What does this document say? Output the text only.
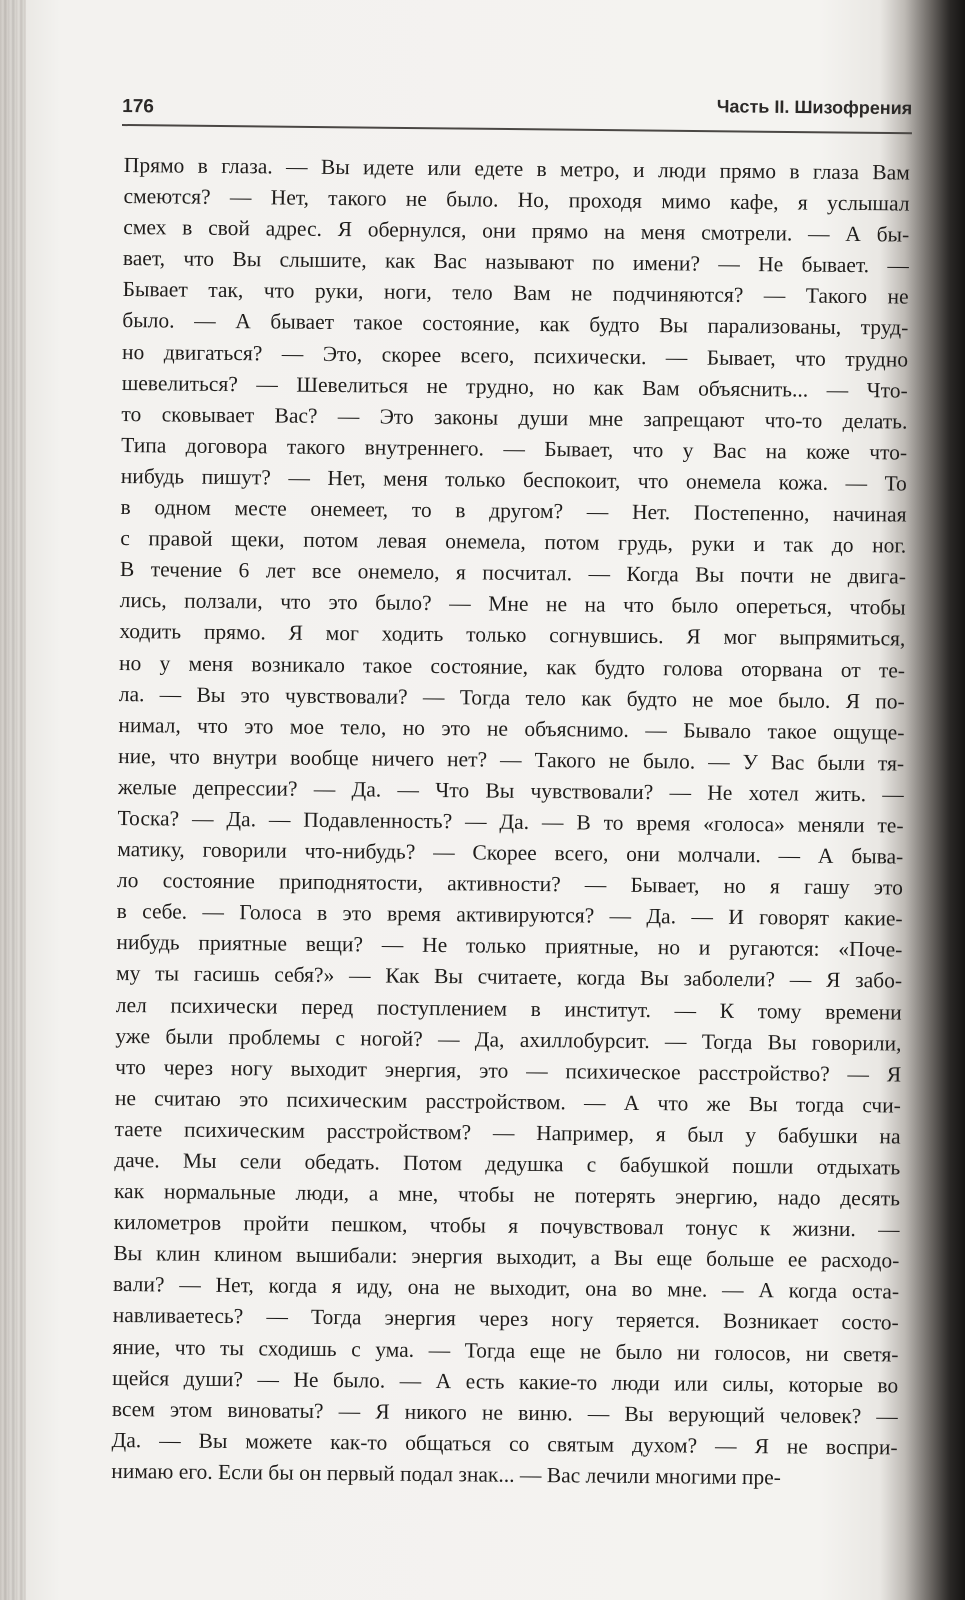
176	Часть II. Шизофрения
Прямо в глаза. — Вы идете или едете в метро, и люди прямо в глаза Вам
смеются? — Нет, такого не было. Но, проходя мимо кафе, я услышал
смех в свой адрес. Я обернулся, они прямо на меня смотрели. — А бы-
вает, что Вы слышите, как Вас называют по имени? — Не бывает. —
Бывает так, что руки, ноги, тело Вам не подчиняются? — Такого не
было. — А бывает такое состояние, как будто Вы парализованы, труд-
но двигаться? — Это, скорее всего, психически. — Бывает, что трудно
шевелиться? — Шевелиться не трудно, но как Вам объяснить... — Что-
то сковывает Вас? — Это законы души мне запрещают что-то делать.
Типа договора такого внутреннего. — Бывает, что у Вас на коже что-
нибудь пишут? — Нет, меня только беспокоит, что онемела кожа. — То
в одном месте онемеет, то в другом? — Нет. Постепенно, начиная
с правой щеки, потом левая онемела, потом грудь, руки и так до ног.
В течение 6 лет все онемело, я посчитал. — Когда Вы почти не двига-
лись, ползали, что это было? — Мне не на что было опереться, чтобы
ходить прямо. Я мог ходить только согнувшись. Я мог выпрямиться,
но у меня возникало такое состояние, как будто голова оторвана от те-
ла. — Вы это чувствовали? — Тогда тело как будто не мое было. Я по-
нимал, что это мое тело, но это не объяснимо. — Бывало такое ощуще-
ние, что внутри вообще ничего нет? — Такого не было. — У Вас были тя-
желые депрессии? — Да. — Что Вы чувствовали? — Не хотел жить. —
Тоска? — Да. — Подавленность? — Да. — В то время «голоса» меняли те-
матику, говорили что-нибудь? — Скорее всего, они молчали. — А быва-
ло состояние приподнятости, активности? — Бывает, но я гашу это
в себе. — Голоса в это время активируются? — Да. — И говорят какие-
нибудь приятные вещи? — Не только приятные, но и ругаются: «Поче-
му ты гасишь себя?» — Как Вы считаете, когда Вы заболели? — Я забо-
лел психически перед поступлением в институт. — К тому времени
уже были проблемы с ногой? — Да, ахиллобурсит. — Тогда Вы говорили,
что через ногу выходит энергия, это — психическое расстройство? — Я
не считаю это психическим расстройством. — А что же Вы тогда счи-
таете психическим расстройством? — Например, я был у бабушки на
даче. Мы сели обедать. Потом дедушка с бабушкой пошли отдыхать
как нормальные люди, а мне, чтобы не потерять энергию, надо десять
километров пройти пешком, чтобы я почувствовал тонус к жизни. —
Вы клин клином вышибали: энергия выходит, а Вы еще больше ее расходо-
вали? — Нет, когда я иду, она не выходит, она во мне. — А когда оста-
навливаетесь? — Тогда энергия через ногу теряется. Возникает состо-
яние, что ты сходишь с ума. — Тогда еще не было ни голосов, ни светя-
щейся души? — Не было. — А есть какие-то люди или силы, которые во
всем этом виноваты? — Я никого не виню. — Вы верующий человек? —
Да. — Вы можете как-то общаться со святым духом? — Я не воспри-
нимаю его. Если бы он первый подал знак... — Вас лечили многими пре-
